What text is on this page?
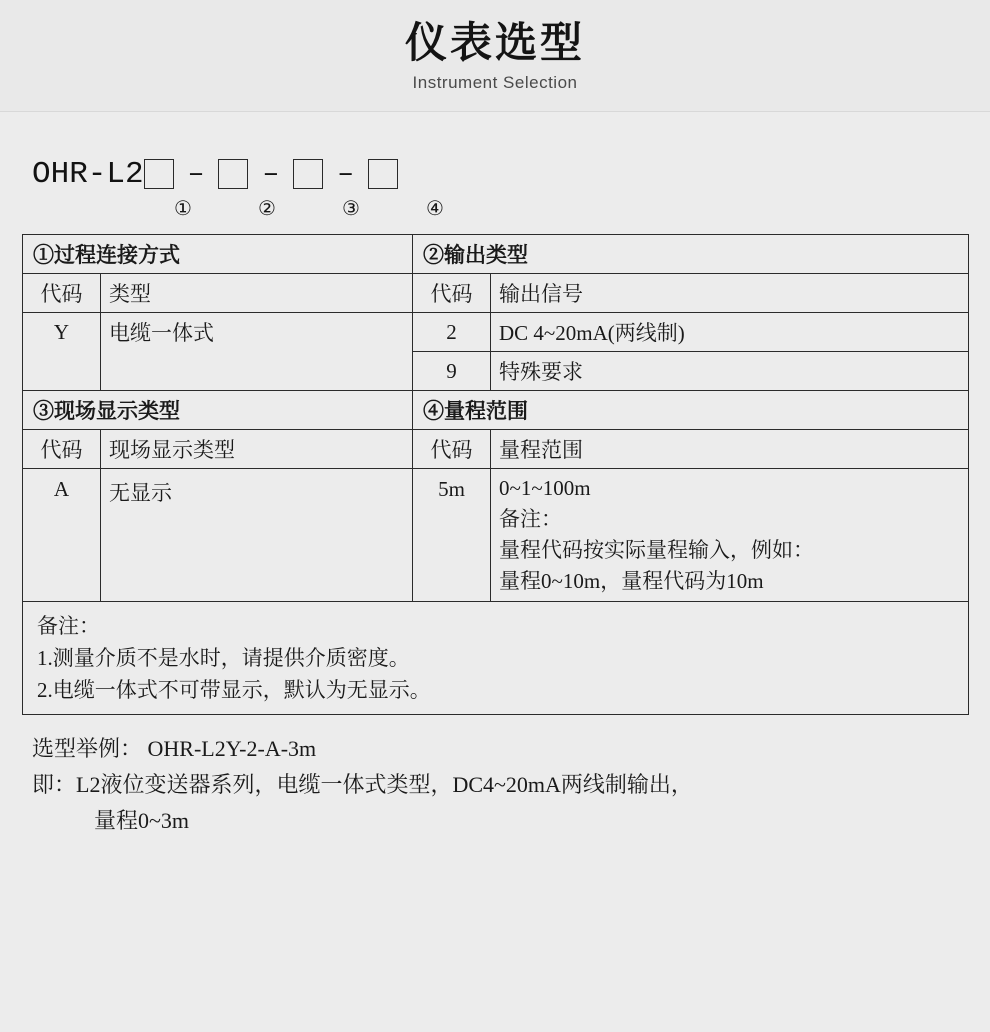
仪表选型
Instrument Selection
OHR-L2 – – –
①	②	③	④
①过程连接方式		②输出类型	
代码	类型	代码	输出信号
Y	电缆一体式	2	DC 4~20mA(两线制)
		9	特殊要求
③现场显示类型		④量程范围	
代码	现场显示类型	代码	量程范围
A	无显示	5m	0~1~100m
备注：
量程代码按实际量程输入，例如：
量程0~10m，量程代码为10m

备注：
1.测量介质不是水时，请提供介质密度。
2.电缆一体式不可带显示，默认为无显示。			
选型举例： OHR-L2Y-2-A-3m
即：L2液位变送器系列，电缆一体式类型，DC4~20mA两线制输出，
量程0~3m
